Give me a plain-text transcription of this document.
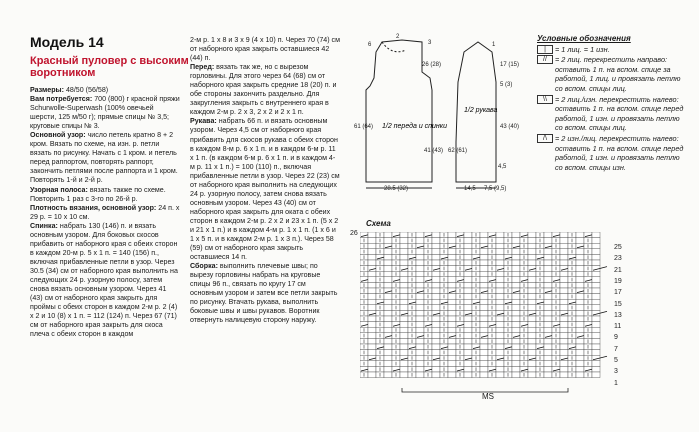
Модель 14

Красный пуловер с высоким воротником

Размеры: 48/50 (56/58)

Вам потребуется: 700 (800) г красной пряжи Schurwolle-Superwash (100% овечьей шерсти, 125 м/50 г); прямые спицы № 3,5; круговые спицы № 3.

Основной узор: число петель кратно 8 + 2 кром. Вязать по схеме, на изн. р. петли вязать по рисунку. Начать с 1 кром. и петель перед раппортом, повторять раппорт, закончить петлями после раппорта и 1 кром. Повторять 1-й и 2-й р.

Узорная полоса: вязать также по схеме. Повторить 1 раз с 3-го по 26-й р.

Плотность вязания, основной узор: 24 п. x 29 р. = 10 x 10 см.

Спинка: набрать 130 (146) п. и вязать основным узором. Для боковых скосов прибавить от наборного края с обеих сторон в каждом 20-м р. 5 x 1 п. = 140 (156) п., включая прибавленные петли в узор. Через 30.5 (34) см от наборного края выполнить на следующих 24 р. узорную полосу, затем снова вязать основным узором. Через 41 (43) см от наборного края закрыть для проймы с обеих сторон в каждом 2-м р. 2 (4) x 2 и 10 (8) x 1 п. = 112 (124) п. Через 67 (71) см от наборного края закрыть для скоса плеча с обеих сторон в каждом

2-м р. 1 x 8 и 3 x 9 (4 x 10) п. Через 70 (74) см от наборного края закрыть оставшиеся 42 (44) п.

Перед: вязать так же, но с вырезом горловины. Для этого через 64 (68) см от наборного края закрыть средние 18 (20) п. и обе стороны закончить раздельно. Для закругления закрыть с внутреннего края в каждом 2-м р. 2 x 3, 2 x 2 и 2 x 1 п.

Рукава: набрать 66 п. и вязать основным узором. Через 4,5 см от наборного края прибавить для скосов рукава с обеих сторон в каждом 8-м р. 6 x 1 п. и в каждом 6-м р. 11 x 1 п. (в каждом 6-м р. 6 x 1 п. и в каждом 4-м р. 11 x 1 п.) = 100 (110) п., включая прибавленные петли в узор. Через 22 (23) см от наборного края выполнить на следующих 24 р. узорную полосу, затем снова вязать основным узором. Через 43 (40) см от наборного края закрыть для оката с обеих сторон в каждом 2-м р. 2 x 2 и 23 x 1 п. (5 x 2 и 21 x 1 п.) и в каждом 4-м р. 1 x 1 п. (1 x 6 и 1 x 5 п. и в каждом 2-м р. 1 x 3 п.). Через 58 (59) см от наборного края закрыть оставшиеся 14 п.

Сборка: выполнить плечевые швы; по вырезу горловины набрать на круговые спицы 96 п., связать по кругу 17 см основным узором и затем все петли закрыть по рисунку. Втачать рукава, выполнить боковые швы и швы рукавов. Воротник отвернуть налицевую сторону наружу.

1/2 переда и спинки
1/2 рукава
6
2
3
26 (28)
61 (64)
41 (43)
28.5 (32)
17 (15)
5 (3)
1
43 (40)
62 (61)
4,5
14,5 7,5 (9,5)
Условные обозначения
|	= 1 лиц. = 1 изн.
//	= 2 лиц. перекрестить направо: оставить 1 п. на вспом. спице за работой, 1 лиц. и провязать петлю со вспом. спицы лиц.
\\	= 2 лиц./изн. перекрестить налево: оставить 1 п. на вспом. спице перед работой, 1 изн. и провязать петлю со вспом. спицы лиц.
/\	= 2 изн./лиц. перекрестить налево: оставить 1 п. на вспом. спице перед работой, 1 изн. и провязать петлю со вспом. спицы изн.
Схема
26
25
23
21
19
17
15
13
11
9
7
5
3
1
MS
